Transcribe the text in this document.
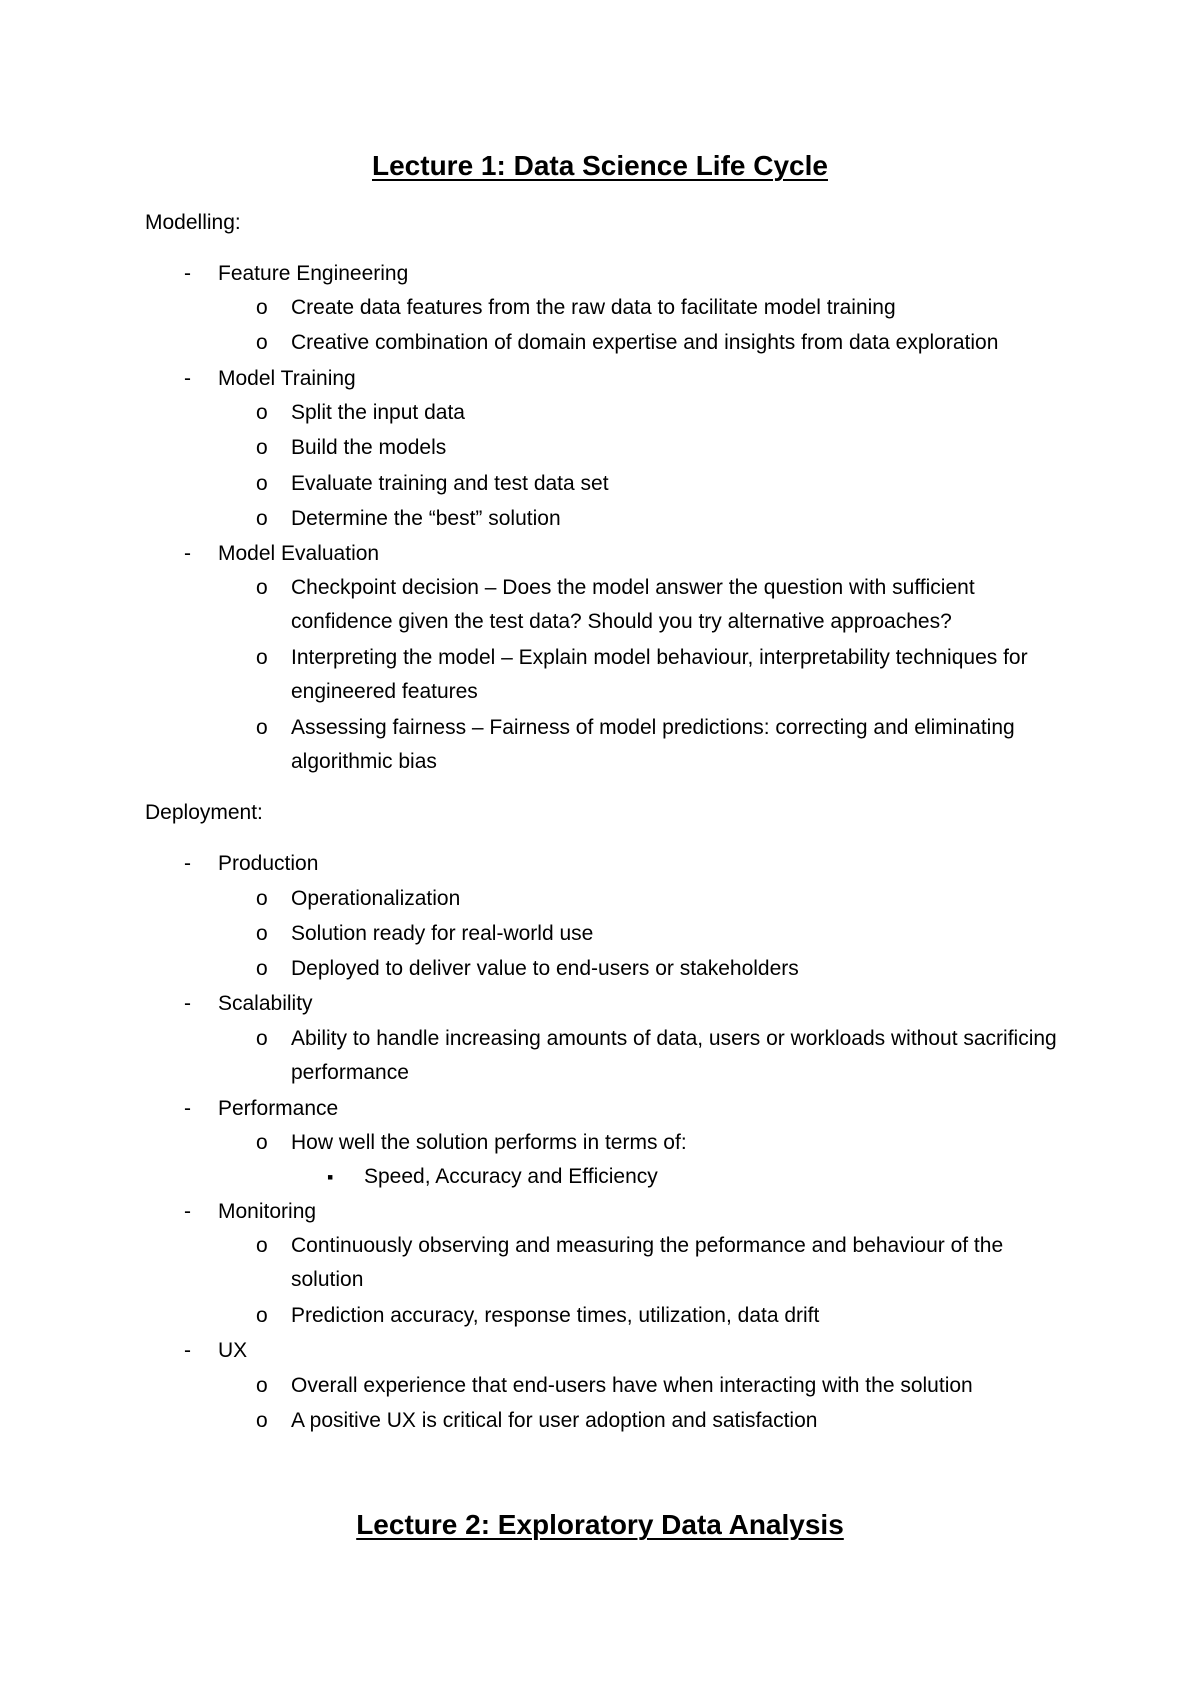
Lecture 1: Data Science Life Cycle
Modelling:
- Feature Engineering
o Create data features from the raw data to facilitate model training
o Creative combination of domain expertise and insights from data exploration
- Model Training
o Split the input data
o Build the models
o Evaluate training and test data set
o Determine the “best” solution
- Model Evaluation
o Checkpoint decision – Does the model answer the question with sufficient confidence given the test data? Should you try alternative approaches?
o Interpreting the model – Explain model behaviour, interpretability techniques for engineered features
o Assessing fairness – Fairness of model predictions: correcting and eliminating algorithmic bias
Deployment:
- Production
o Operationalization
o Solution ready for real-world use
o Deployed to deliver value to end-users or stakeholders
- Scalability
o Ability to handle increasing amounts of data, users or workloads without sacrificing performance
- Performance
o How well the solution performs in terms of:
▪ Speed, Accuracy and Efficiency
- Monitoring
o Continuously observing and measuring the peformance and behaviour of the solution
o Prediction accuracy, response times, utilization, data drift
- UX
o Overall experience that end-users have when interacting with the solution
o A positive UX is critical for user adoption and satisfaction
Lecture 2: Exploratory Data Analysis
